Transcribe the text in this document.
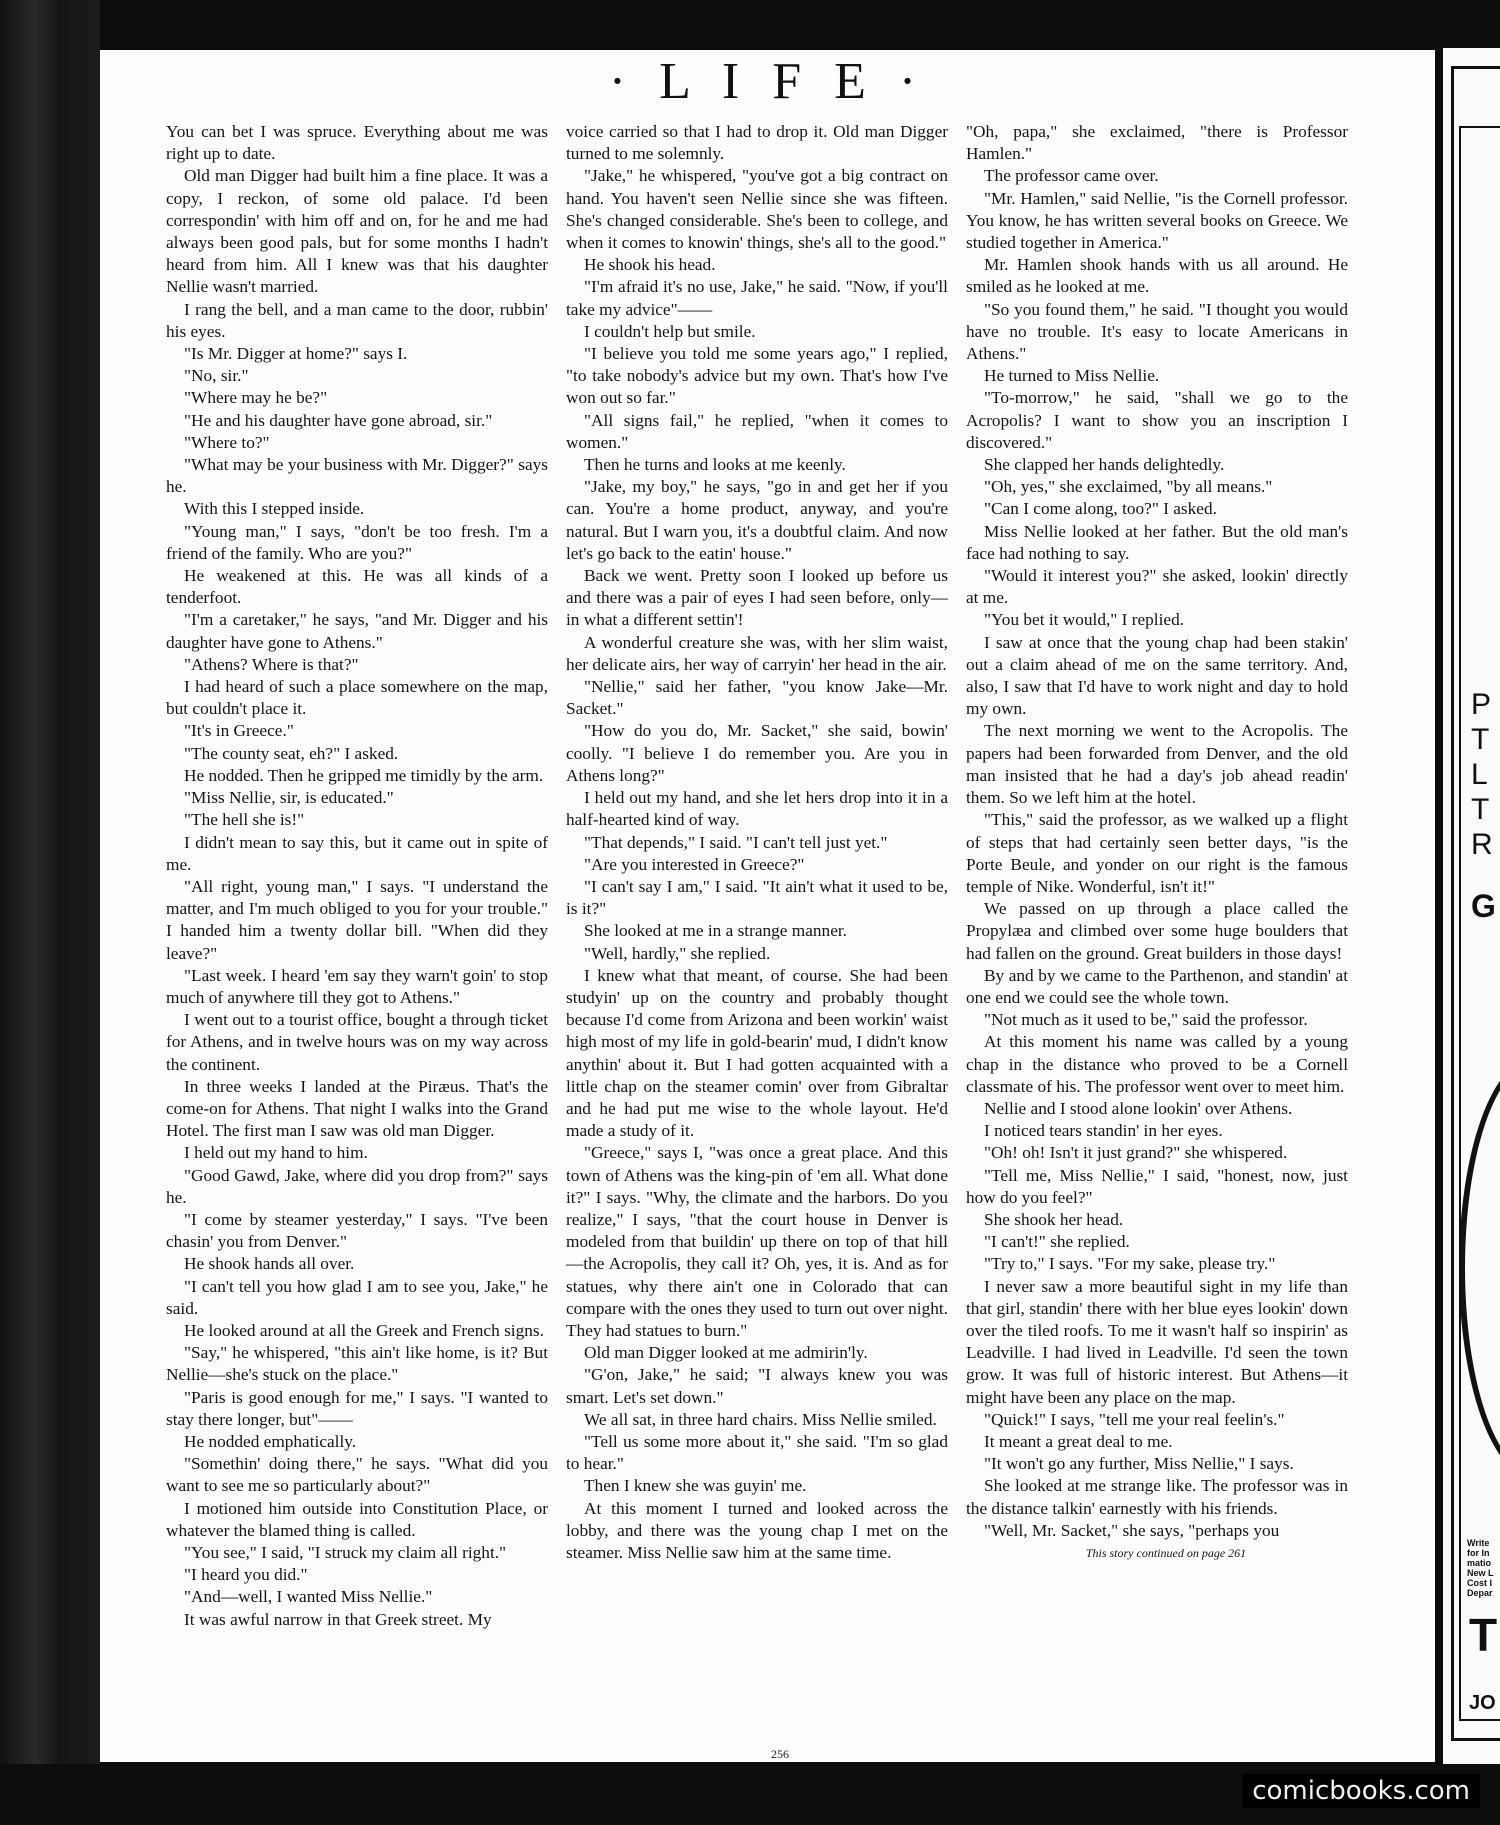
· L I F E ·

You can bet I was spruce. Everything about me was right up to date.

Old man Digger had built him a fine place. It was a copy, I reckon, of some old palace. I'd been correspondin' with him off and on, for he and me had always been good pals, but for some months I hadn't heard from him. All I knew was that his daughter Nellie wasn't married.

I rang the bell, and a man came to the door, rubbin' his eyes.

"Is Mr. Digger at home?" says I.

"No, sir."

"Where may he be?"

"He and his daughter have gone abroad, sir."

"Where to?"

"What may be your business with Mr. Digger?" says he.

With this I stepped inside.

"Young man," I says, "don't be too fresh. I'm a friend of the family. Who are you?"

He weakened at this. He was all kinds of a tenderfoot.

"I'm a caretaker," he says, "and Mr. Digger and his daughter have gone to Athens."

"Athens? Where is that?"

I had heard of such a place somewhere on the map, but couldn't place it.

"It's in Greece."

"The county seat, eh?" I asked.

He nodded. Then he gripped me timidly by the arm.

"Miss Nellie, sir, is educated."

"The hell she is!"

I didn't mean to say this, but it came out in spite of me.

"All right, young man," I says. "I understand the matter, and I'm much obliged to you for your trouble." I handed him a twenty dollar bill. "When did they leave?"

"Last week. I heard 'em say they warn't goin' to stop much of anywhere till they got to Athens."

I went out to a tourist office, bought a through ticket for Athens, and in twelve hours was on my way across the continent.

In three weeks I landed at the Piræus. That's the come-on for Athens. That night I walks into the Grand Hotel. The first man I saw was old man Digger.

I held out my hand to him.

"Good Gawd, Jake, where did you drop from?" says he.

"I come by steamer yesterday," I says. "I've been chasin' you from Denver."

He shook hands all over.

"I can't tell you how glad I am to see you, Jake," he said.

He looked around at all the Greek and French signs.

"Say," he whispered, "this ain't like home, is it? But Nellie—she's stuck on the place."

"Paris is good enough for me," I says. "I wanted to stay there longer, but"——

He nodded emphatically.

"Somethin' doing there," he says. "What did you want to see me so particularly about?"

I motioned him outside into Constitution Place, or whatever the blamed thing is called.

"You see," I said, "I struck my claim all right."

"I heard you did."

"And—well, I wanted Miss Nellie."

It was awful narrow in that Greek street. My

voice carried so that I had to drop it. Old man Digger turned to me solemnly.

"Jake," he whispered, "you've got a big contract on hand. You haven't seen Nellie since she was fifteen. She's changed considerable. She's been to college, and when it comes to knowin' things, she's all to the good."

He shook his head.

"I'm afraid it's no use, Jake," he said. "Now, if you'll take my advice"——

I couldn't help but smile.

"I believe you told me some years ago," I replied, "to take nobody's advice but my own. That's how I've won out so far."

"All signs fail," he replied, "when it comes to women."

Then he turns and looks at me keenly.

"Jake, my boy," he says, "go in and get her if you can. You're a home product, anyway, and you're natural. But I warn you, it's a doubtful claim. And now let's go back to the eatin' house."

Back we went. Pretty soon I looked up before us and there was a pair of eyes I had seen before, only—in what a different settin'!

A wonderful creature she was, with her slim waist, her delicate airs, her way of carryin' her head in the air.

"Nellie," said her father, "you know Jake—Mr. Sacket."

"How do you do, Mr. Sacket," she said, bowin' coolly. "I believe I do remember you. Are you in Athens long?"

I held out my hand, and she let hers drop into it in a half-hearted kind of way.

"That depends," I said. "I can't tell just yet."

"Are you interested in Greece?"

"I can't say I am," I said. "It ain't what it used to be, is it?"

She looked at me in a strange manner.

"Well, hardly," she replied.

I knew what that meant, of course. She had been studyin' up on the country and probably thought because I'd come from Arizona and been workin' waist high most of my life in gold-bearin' mud, I didn't know anythin' about it. But I had gotten acquainted with a little chap on the steamer comin' over from Gibraltar and he had put me wise to the whole layout. He'd made a study of it.

"Greece," says I, "was once a great place. And this town of Athens was the king-pin of 'em all. What done it?" I says. "Why, the climate and the harbors. Do you realize," I says, "that the court house in Denver is modeled from that buildin' up there on top of that hill—the Acropolis, they call it? Oh, yes, it is. And as for statues, why there ain't one in Colorado that can compare with the ones they used to turn out over night. They had statues to burn."

Old man Digger looked at me admirin'ly.

"G'on, Jake," he said; "I always knew you was smart. Let's set down."

We all sat, in three hard chairs. Miss Nellie smiled.

"Tell us some more about it," she said. "I'm so glad to hear."

Then I knew she was guyin' me.

At this moment I turned and looked across the lobby, and there was the young chap I met on the steamer. Miss Nellie saw him at the same time.

"Oh, papa," she exclaimed, "there is Professor Hamlen."

The professor came over.

"Mr. Hamlen," said Nellie, "is the Cornell professor. You know, he has written several books on Greece. We studied together in America."

Mr. Hamlen shook hands with us all around. He smiled as he looked at me.

"So you found them," he said. "I thought you would have no trouble. It's easy to locate Americans in Athens."

He turned to Miss Nellie.

"To-morrow," he said, "shall we go to the Acropolis? I want to show you an inscription I discovered."

She clapped her hands delightedly.

"Oh, yes," she exclaimed, "by all means."

"Can I come along, too?" I asked.

Miss Nellie looked at her father. But the old man's face had nothing to say.

"Would it interest you?" she asked, lookin' directly at me.

"You bet it would," I replied.

I saw at once that the young chap had been stakin' out a claim ahead of me on the same territory. And, also, I saw that I'd have to work night and day to hold my own.

The next morning we went to the Acropolis. The papers had been forwarded from Denver, and the old man insisted that he had a day's job ahead readin' them. So we left him at the hotel.

"This," said the professor, as we walked up a flight of steps that had certainly seen better days, "is the Porte Beule, and yonder on our right is the famous temple of Nike. Wonderful, isn't it!"

We passed on up through a place called the Propylæa and climbed over some huge boulders that had fallen on the ground. Great builders in those days!

By and by we came to the Parthenon, and standin' at one end we could see the whole town.

"Not much as it used to be," said the professor.

At this moment his name was called by a young chap in the distance who proved to be a Cornell classmate of his. The professor went over to meet him.

Nellie and I stood alone lookin' over Athens.

I noticed tears standin' in her eyes.

"Oh! oh! Isn't it just grand?" she whispered.

"Tell me, Miss Nellie," I said, "honest, now, just how do you feel?"

She shook her head.

"I can't!" she replied.

"Try to," I says. "For my sake, please try."

I never saw a more beautiful sight in my life than that girl, standin' there with her blue eyes lookin' down over the tiled roofs. To me it wasn't half so inspirin' as Leadville. I had lived in Leadville. I'd seen the town grow. It was full of historic interest. But Athens—it might have been any place on the map.

"Quick!" I says, "tell me your real feelin's."

It meant a great deal to me.

"It won't go any further, Miss Nellie," I says.

She looked at me strange like. The professor was in the distance talkin' earnestly with his friends.

"Well, Mr. Sacket," she says, "perhaps you

This story continued on page 261

256
P
T
L
T
R
G
Write
for In
matio
New L
Cost I
Depar
T
JO
comicbooks.com
